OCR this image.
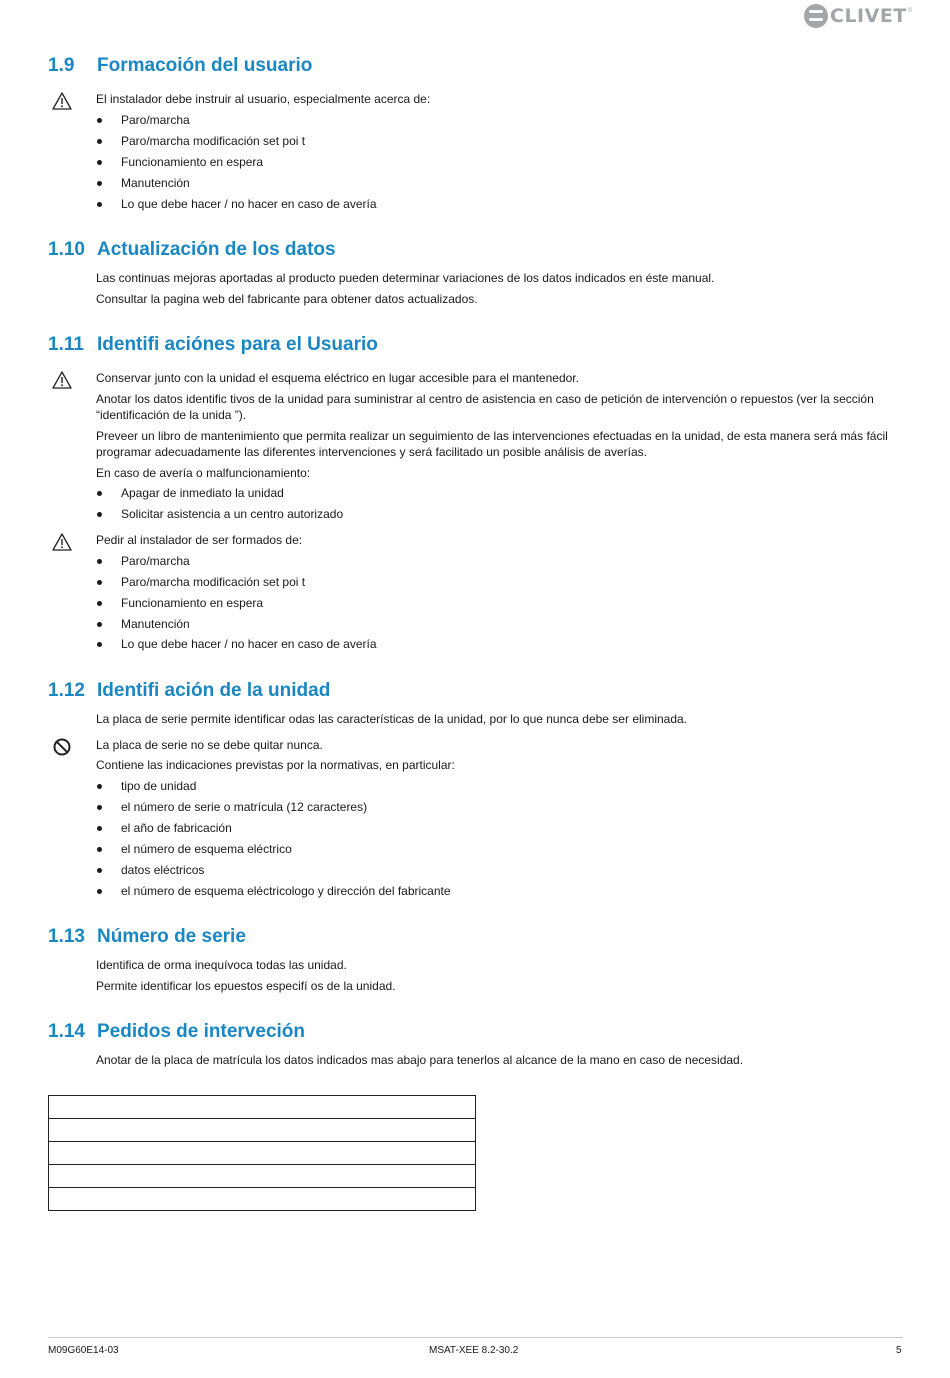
CLIVET ®
1.9 Formacoión del usuario

El instalador debe instruir al usuario, especialmente acerca de:

Paro/marcha
Paro/marcha modificación set poi t
Funcionamiento en espera
Manutención
Lo que debe hacer / no hacer en caso de avería
1.10 Actualización de los datos

Las continuas mejoras aportadas al producto pueden determinar variaciones de los datos indicados en éste manual.

Consultar la pagina web del fabricante para obtener datos actualizados.

1.11 Identifi aciónes para el Usuario

Conservar junto con la unidad el esquema eléctrico en lugar accesible para el mantenedor.

Anotar los datos identific tivos de la unidad para suministrar al centro de asistencia en caso de petición de intervención o repuestos (ver la sección “identificación de la unida ”).

Preveer un libro de mantenimiento que permita realizar un seguimiento de las intervenciones efectuadas en la unidad, de esta manera será más fácil programar adecuadamente las diferentes intervenciones y será facilitado un posible análisis de averías.

En caso de avería o malfuncionamiento:

Apagar de inmediato la unidad
Solicitar asistencia a un centro autorizado

Pedir al instalador de ser formados de:

Paro/marcha
Paro/marcha modificación set poi t
Funcionamiento en espera
Manutención
Lo que debe hacer / no hacer en caso de avería
1.12 Identifi ación de la unidad

La placa de serie permite identificar odas las características de la unidad, por lo que nunca debe ser eliminada.

La placa de serie no se debe quitar nunca.

Contiene las indicaciones previstas por la normativas, en particular:

tipo de unidad
el número de serie o matrícula (12 caracteres)
el año de fabricación
el número de esquema eléctrico
datos eléctricos
el número de esquema eléctricologo y dirección del fabricante
1.13 Número de serie

Identifica de orma inequívoca todas las unidad.

Permite identificar los epuestos especifí os de la unidad.

1.14 Pedidos de interveción

Anotar de la placa de matrícula los datos indicados mas abajo para tenerlos al alcance de la mano en caso de necesidad.

M09G60E14-03	MSAT-XEE 8.2-30.2	5
